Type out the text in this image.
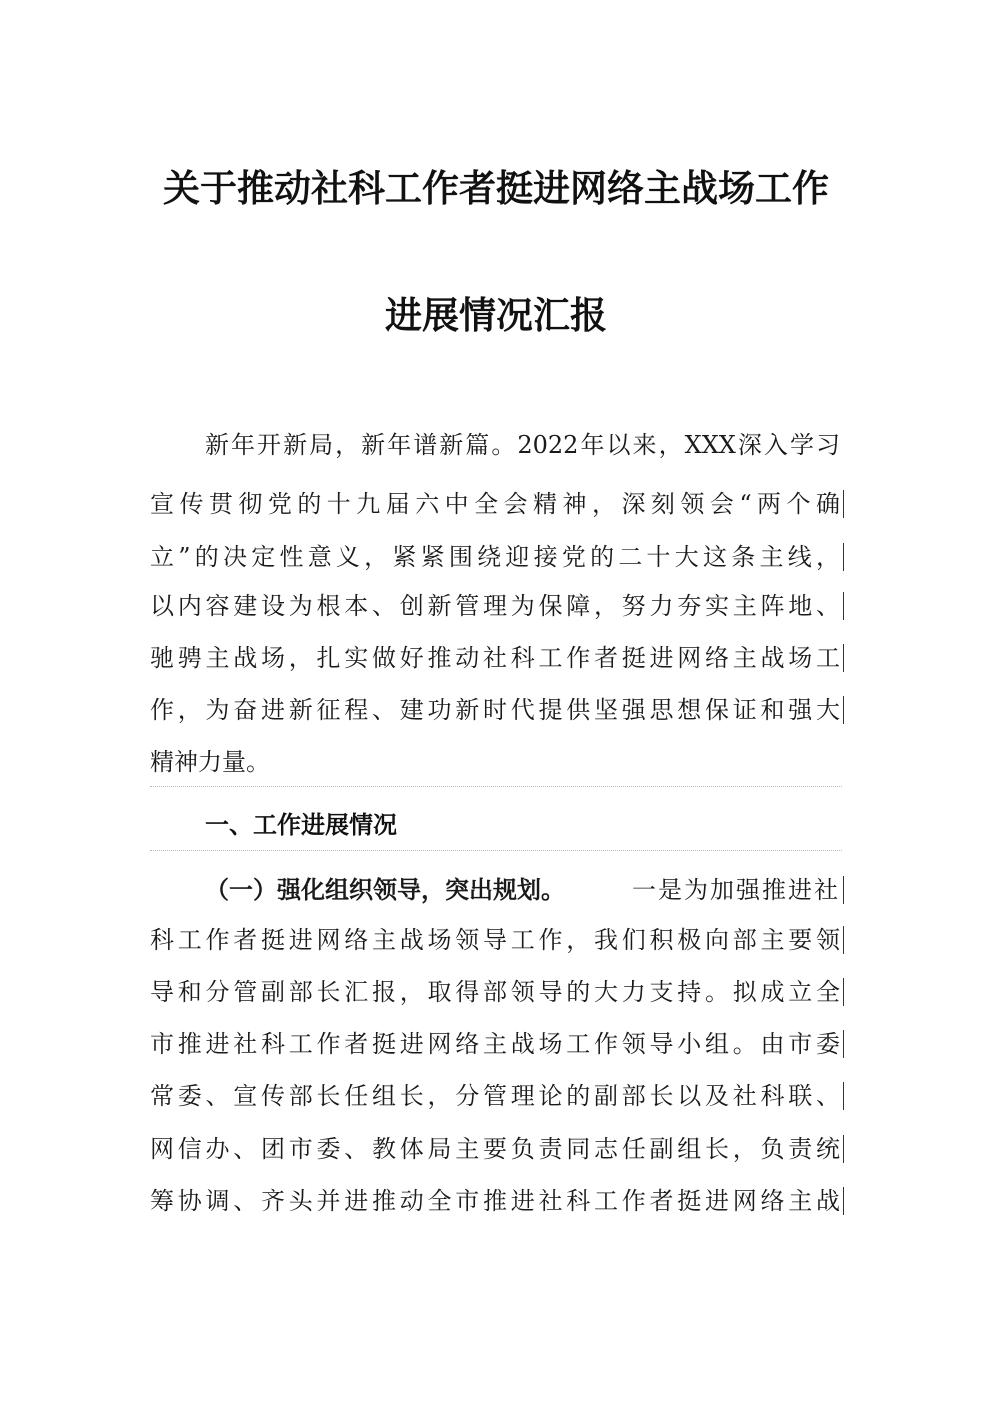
关于推动社科工作者挺进网络主战场工作
进展情况汇报
新年开新局，新年谱新篇。2022年以来，XXX深入学习
宣传贯彻党的十九届六中全会精神，深刻领会“两个确
立”的决定性意义，紧紧围绕迎接党的二十大这条主线，
以内容建设为根本、创新管理为保障，努力夯实主阵地、
驰骋主战场，扎实做好推动社科工作者挺进网络主战场工
作，为奋进新征程、建功新时代提供坚强思想保证和强大
精神力量。
一、工作进展情况
（一）强化组织领导，突出规划。	一是为加强推进社
科工作者挺进网络主战场领导工作，我们积极向部主要领
导和分管副部长汇报，取得部领导的大力支持。拟成立全
市推进社科工作者挺进网络主战场工作领导小组。由市委
常委、宣传部长任组长，分管理论的副部长以及社科联、
网信办、团市委、教体局主要负责同志任副组长，负责统
筹协调、齐头并进推动全市推进社科工作者挺进网络主战
